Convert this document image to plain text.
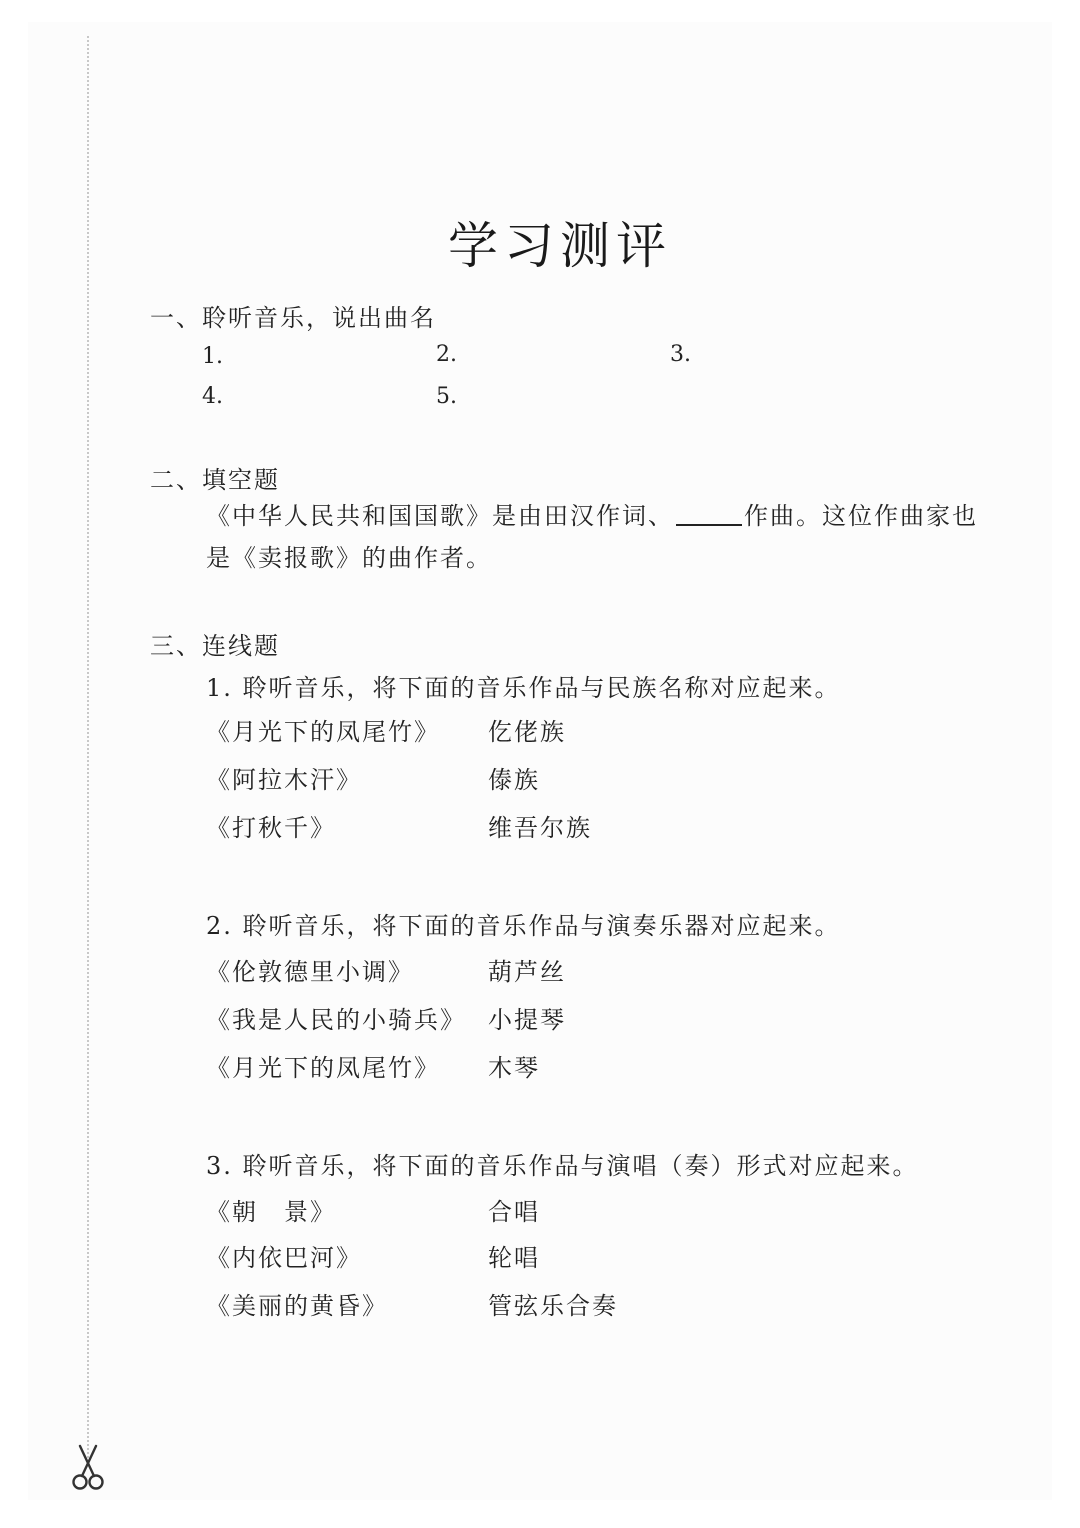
学习测评
一、聆听音乐，说出曲名
1.	2.	3.
4.	5.
二、填空题
《中华人民共和国国歌》是由田汉作词、	作曲。这位作曲家也
是《卖报歌》的曲作者。
三、连线题
1. 聆听音乐，将下面的音乐作品与民族名称对应起来。
《月光下的凤尾竹》 仡佬族
《阿拉木汗》	傣族
《打秋千》	维吾尔族
2. 聆听音乐，将下面的音乐作品与演奏乐器对应起来。
《伦敦德里小调》	葫芦丝
《我是人民的小骑兵》 小提琴
《月光下的凤尾竹》 木琴
3. 聆听音乐，将下面的音乐作品与演唱（奏）形式对应起来。
《朝　景》	合唱
《内依巴河》	轮唱
《美丽的黄昏》	管弦乐合奏
